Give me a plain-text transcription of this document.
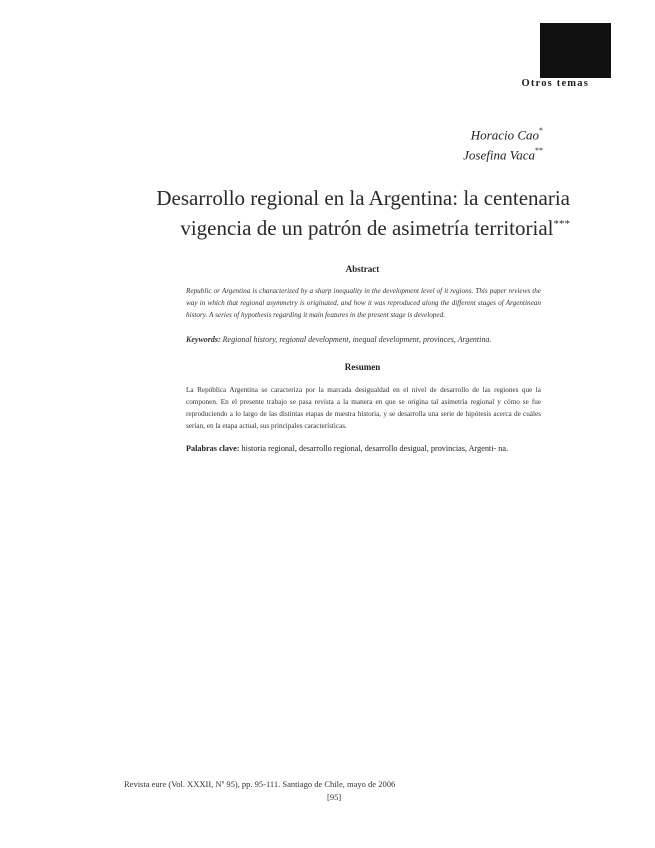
Otros temas
Horacio Cao*
Josefina Vaca**
Desarrollo regional en la Argentina: la centenaria
vigencia de un patrón de asimetría territorial***
Abstract
Republic or Argentina is characterized by a sharp inequality in the development level of it regions. This paper reviews the way in which that regional asymmetry is originated, and how it was reproduced along the different stages of Argentinean history. A series of hypothesis regarding it main features in the present stage is developed.
Keywords: Regional history, regional development, inequal development, provinces, Argentina.
Resumen
La República Argentina se caracteriza por la marcada desigualdad en el nivel de desarrollo de las regiones que la componen. En el presente trabajo se pasa revista a la manera en que se origina tal asimetría regional y cómo se fue reproduciendo a lo largo de las distintas etapas de nuestra historia, y se desarrolla una serie de hipótesis acerca de cuáles serían, en la etapa actual, sus principales características.
Palabras clave: historia regional, desarrollo regional, desarrollo desigual, provincias, Argenti- na.
Revista eure (Vol. XXXII, Nº 95), pp. 95-111. Santiago de Chile, mayo de 2006
[95]
